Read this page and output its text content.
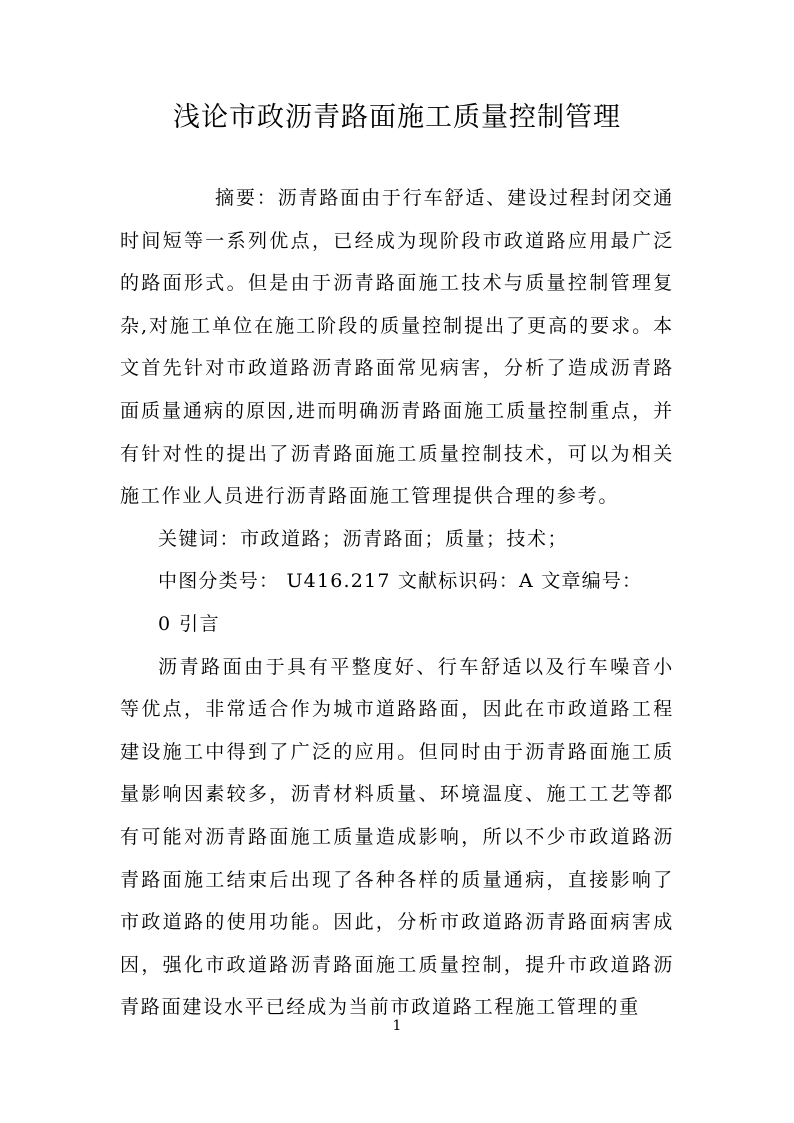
浅论市政沥青路面施工质量控制管理

摘要：沥青路面由于行车舒适、建设过程封闭交通时间短等一系列优点，已经成为现阶段市政道路应用最广泛的路面形式。但是由于沥青路面施工技术与质量控制管理复杂,对施工单位在施工阶段的质量控制提出了更高的要求。本文首先针对市政道路沥青路面常见病害，分析了造成沥青路面质量通病的原因,进而明确沥青路面施工质量控制重点，并有针对性的提出了沥青路面施工质量控制技术，可以为相关施工作业人员进行沥青路面施工管理提供合理的参考。

关键词：市政道路；沥青路面；质量；技术；

中图分类号： U416.217 文献标识码：A 文章编号：

0 引言

沥青路面由于具有平整度好、行车舒适以及行车噪音小等优点，非常适合作为城市道路路面，因此在市政道路工程建设施工中得到了广泛的应用。但同时由于沥青路面施工质量影响因素较多，沥青材料质量、环境温度、施工工艺等都有可能对沥青路面施工质量造成影响，所以不少市政道路沥青路面施工结束后出现了各种各样的质量通病，直接影响了市政道路的使用功能。因此，分析市政道路沥青路面病害成因，强化市政道路沥青路面施工质量控制，提升市政道路沥青路面建设水平已经成为当前市政道路工程施工管理的重

1
